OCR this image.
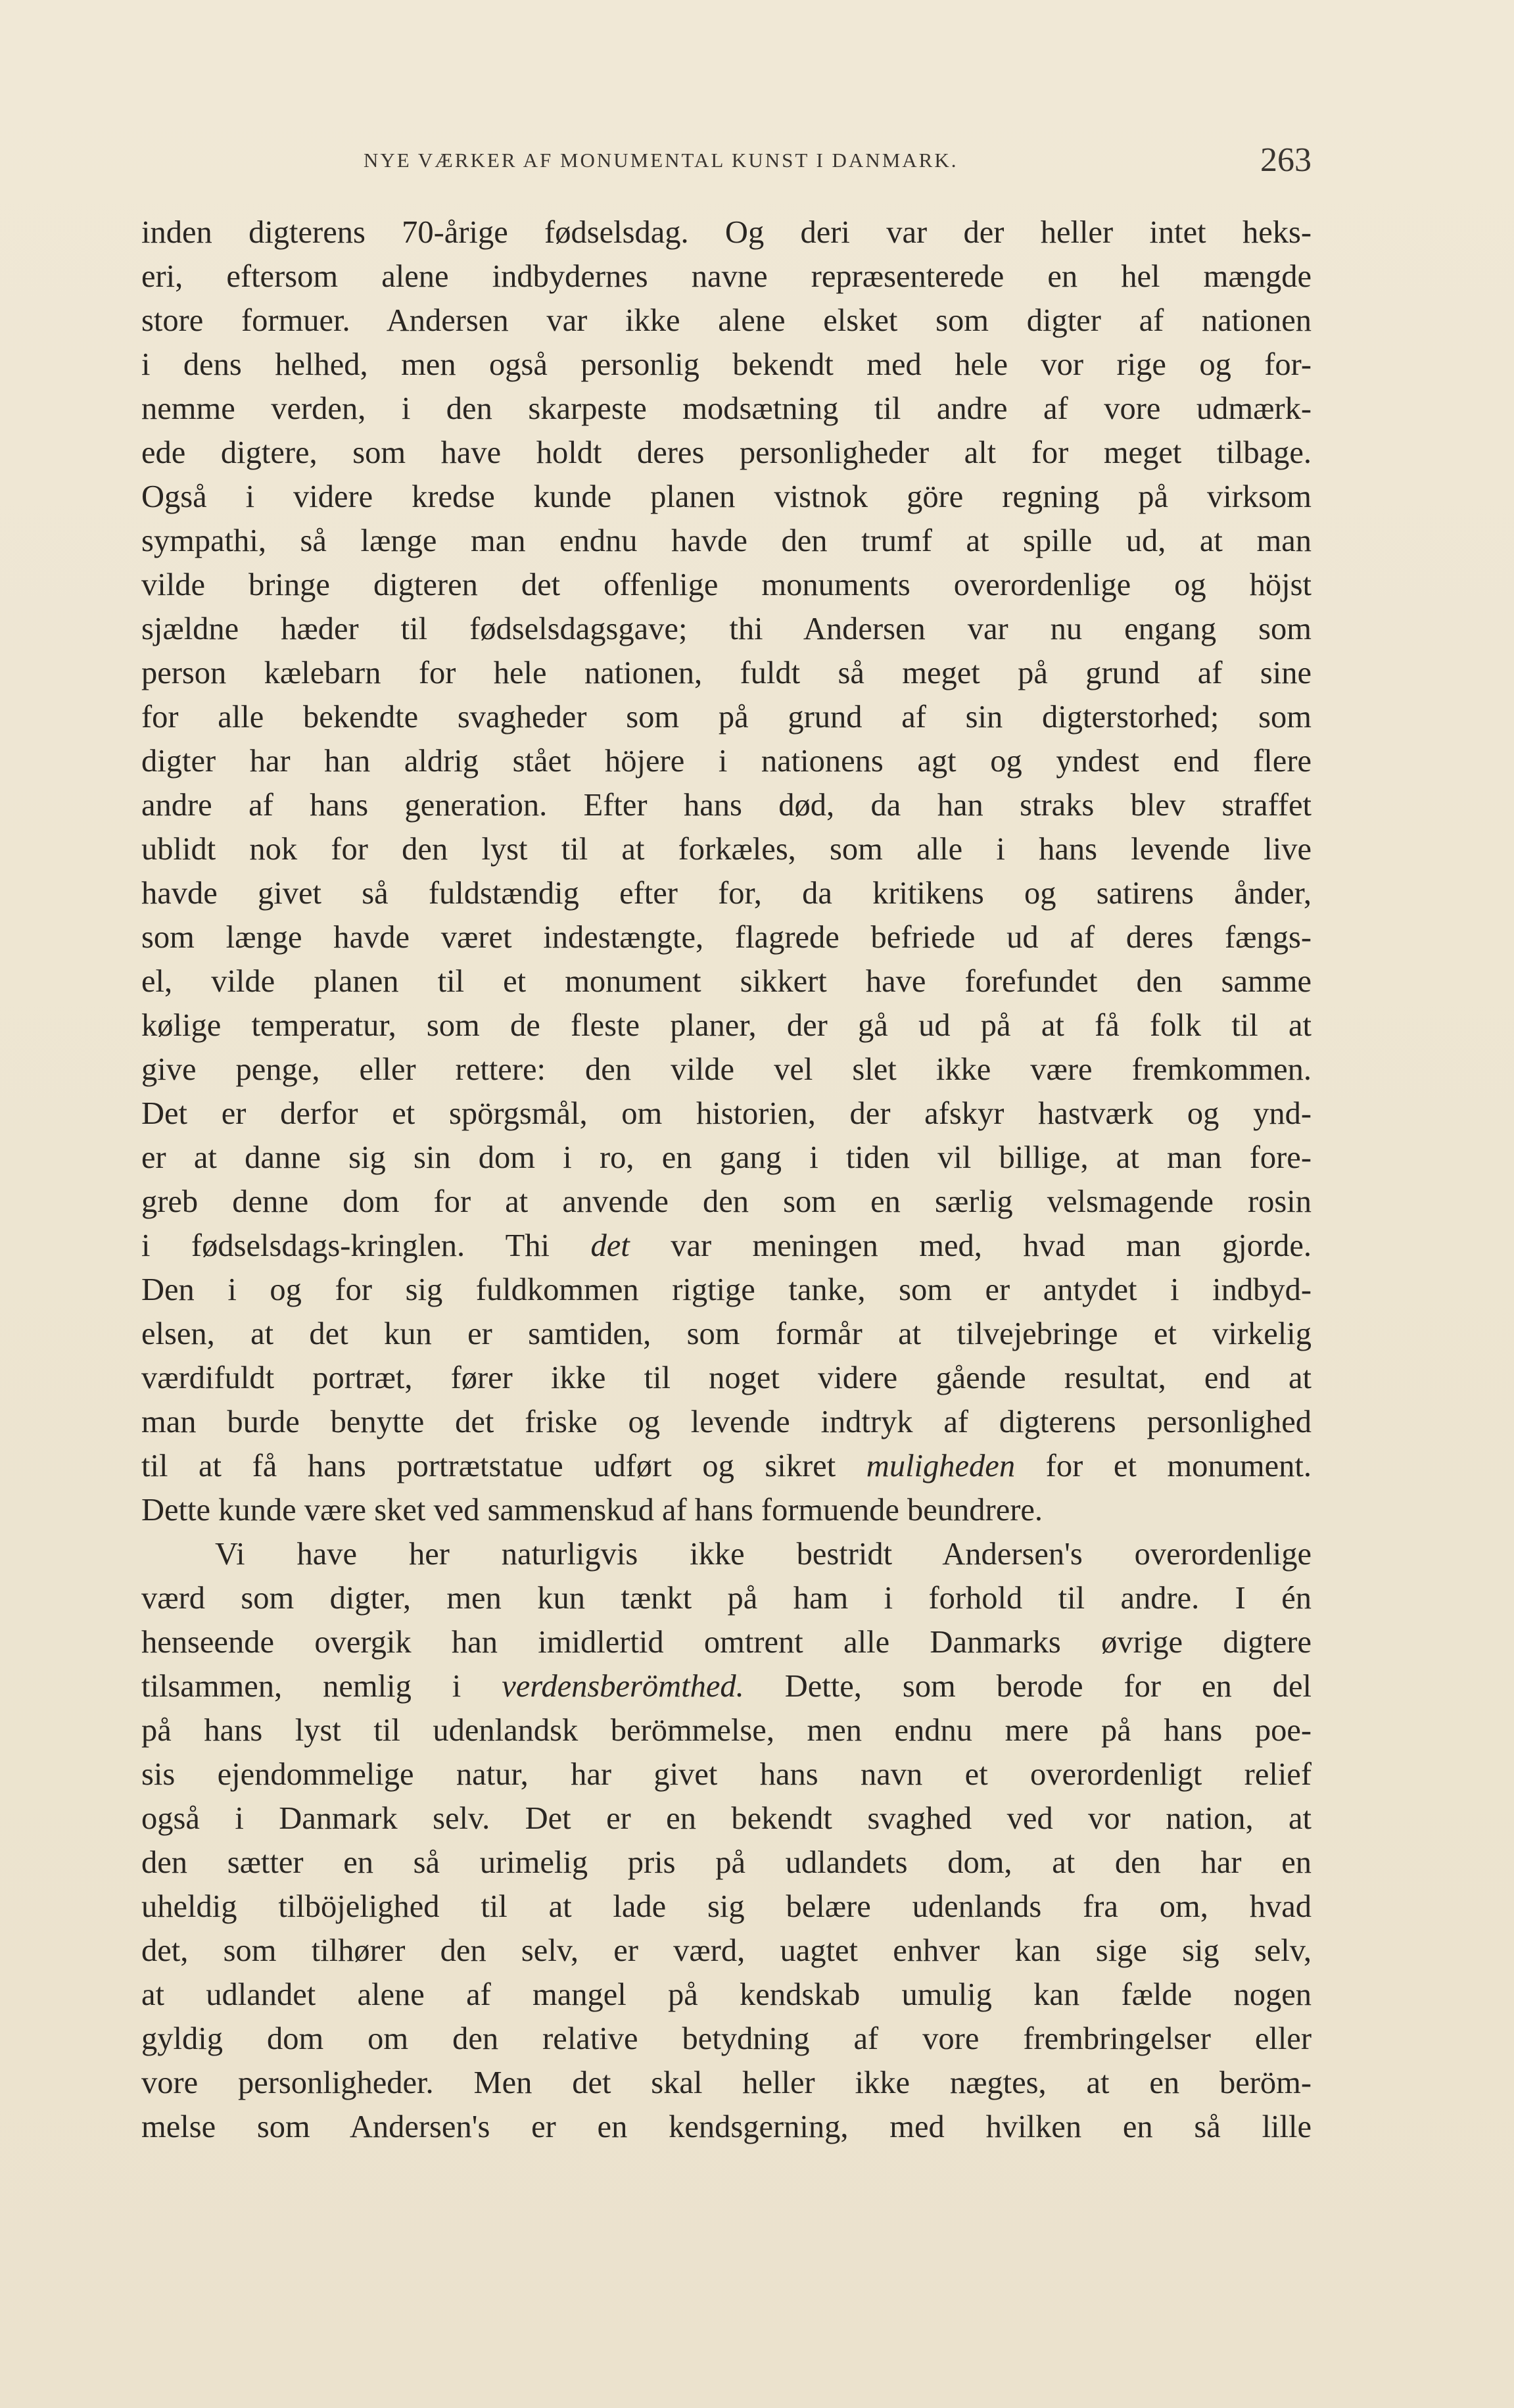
NYE VÆRKER AF MONUMENTAL KUNST I DANMARK.	263
inden digterens 70-årige fødselsdag. Og deri var der heller intet heks-
eri, eftersom alene indbydernes navne repræsenterede en hel mængde
store formuer. Andersen var ikke alene elsket som digter af nationen
i dens helhed, men også personlig bekendt med hele vor rige og for-
nemme verden, i den skarpeste modsætning til andre af vore udmærk-
ede digtere, som have holdt deres personligheder alt for meget tilbage.
Også i videre kredse kunde planen vistnok göre regning på virksom
sympathi, så længe man endnu havde den trumf at spille ud, at man
vilde bringe digteren det offenlige monuments overordenlige og höjst
sjældne hæder til fødselsdagsgave; thi Andersen var nu engang som
person kælebarn for hele nationen, fuldt så meget på grund af sine
for alle bekendte svagheder som på grund af sin digterstorhed; som
digter har han aldrig stået höjere i nationens agt og yndest end flere
andre af hans generation. Efter hans død, da han straks blev straffet
ublidt nok for den lyst til at forkæles, som alle i hans levende live
havde givet så fuldstændig efter for, da kritikens og satirens ånder,
som længe havde været indestængte, flagrede befriede ud af deres fængs-
el, vilde planen til et monument sikkert have forefundet den samme
kølige temperatur, som de fleste planer, der gå ud på at få folk til at
give penge, eller rettere: den vilde vel slet ikke være fremkommen.
Det er derfor et spörgsmål, om historien, der afskyr hastværk og ynd-
er at danne sig sin dom i ro, en gang i tiden vil billige, at man fore-
greb denne dom for at anvende den som en særlig velsmagende rosin
i fødselsdags-kringlen. Thi det var meningen med, hvad man gjorde.
Den i og for sig fuldkommen rigtige tanke, som er antydet i indbyd-
elsen, at det kun er samtiden, som formår at tilvejebringe et virkelig
værdifuldt portræt, fører ikke til noget videre gående resultat, end at
man burde benytte det friske og levende indtryk af digterens personlighed
til at få hans portrætstatue udført og sikret muligheden for et monument.
Dette kunde være sket ved sammenskud af hans formuende beundrere.
Vi have her naturligvis ikke bestridt Andersen's overordenlige
værd som digter, men kun tænkt på ham i forhold til andre. I én
henseende overgik han imidlertid omtrent alle Danmarks øvrige digtere
tilsammen, nemlig i verdensberömthed. Dette, som berode for en del
på hans lyst til udenlandsk berömmelse, men endnu mere på hans poe-
sis ejendommelige natur, har givet hans navn et overordenligt relief
også i Danmark selv. Det er en bekendt svaghed ved vor nation, at
den sætter en så urimelig pris på udlandets dom, at den har en
uheldig tilböjelighed til at lade sig belære udenlands fra om, hvad
det, som tilhører den selv, er værd, uagtet enhver kan sige sig selv,
at udlandet alene af mangel på kendskab umulig kan fælde nogen
gyldig dom om den relative betydning af vore frembringelser eller
vore personligheder. Men det skal heller ikke nægtes, at en beröm-
melse som Andersen's er en kendsgerning, med hvilken en så lille
